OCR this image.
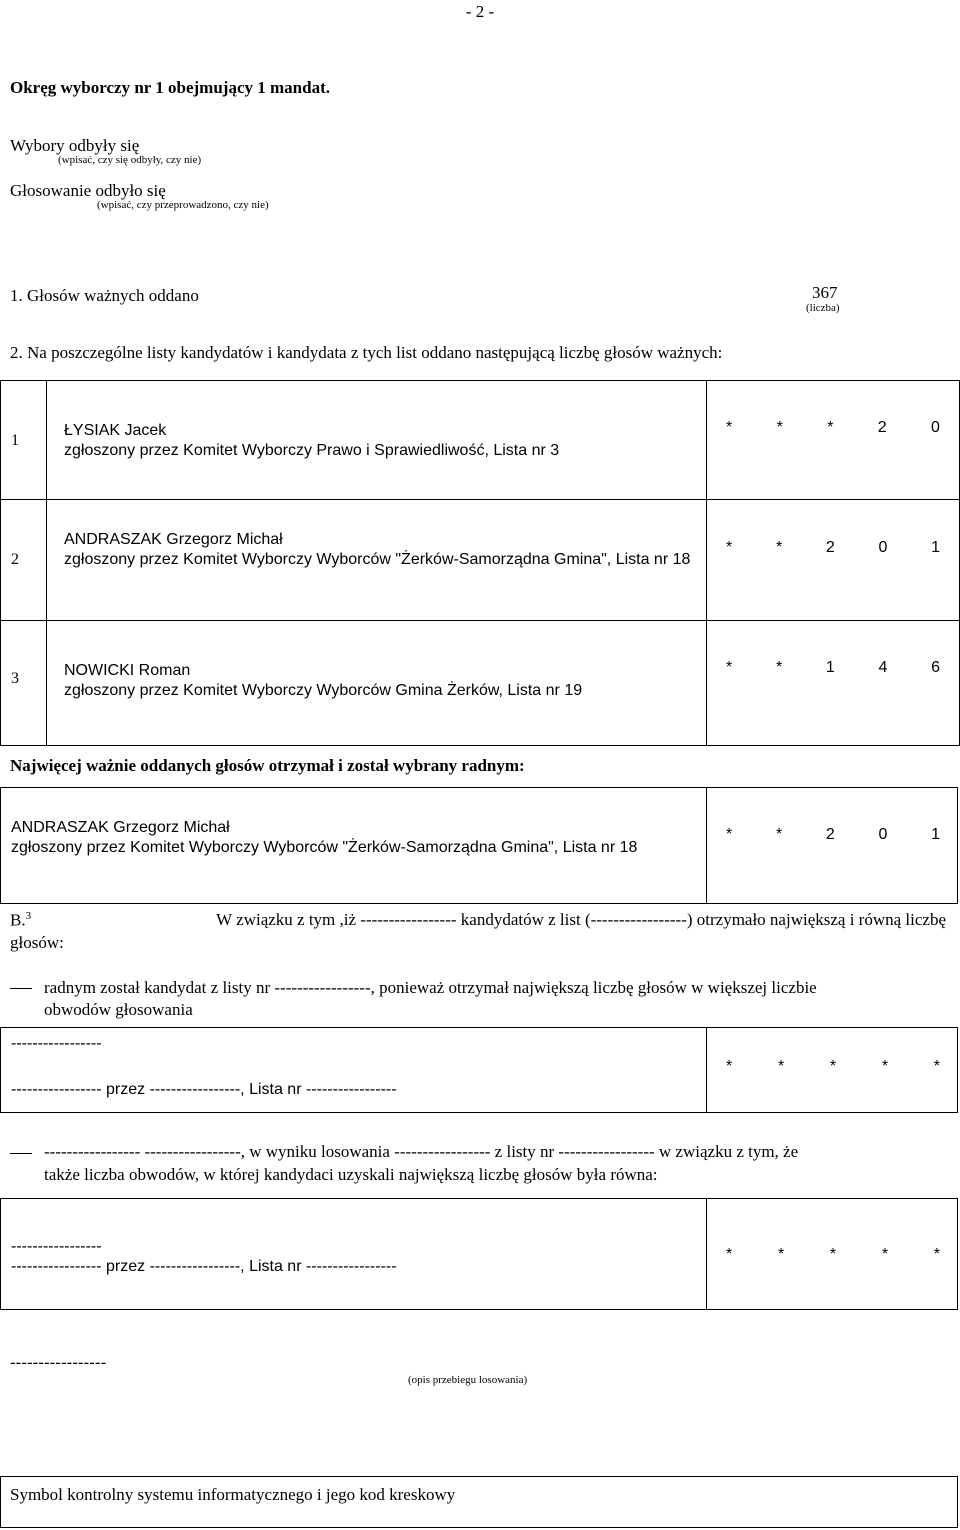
- 2 -
Okręg wyborczy nr 1 obejmujący 1 mandat.
Wybory odbyły się
(wpisać, czy się odbyły, czy nie)
Głosowanie odbyło się
(wpisać, czy przeprowadzono, czy nie)
1. Głosów ważnych oddano	367
(liczba)
2. Na poszczególne listy kandydatów i kandydata z tych list oddano następującą liczbę głosów ważnych:
1
ŁYSIAK Jacek
zgłoszony przez Komitet Wyborczy Prawo i Sprawiedliwość, Lista nr 3
*	*	*	2	0
2
ANDRASZAK Grzegorz Michał
zgłoszony przez Komitet Wyborczy Wyborców "Żerków-Samorządna Gmina", Lista nr 18
*	*	2	0	1
3	NOWICKI Roman
zgłoszony przez Komitet Wyborczy Wyborców Gmina Żerków, Lista nr 19
*	*	1	4	6
Najwięcej ważnie oddanych głosów otrzymał i został wybrany radnym:
ANDRASZAK Grzegorz Michał
zgłoszony przez Komitet Wyborczy Wyborców "Żerków-Samorządna Gmina", Lista nr 18
*	*	2	0	1
B.$^3$	W związku z tym ,iż ----------------- kandydatów z list (-----------------) otrzymało największą i równą liczbę
głosów:
radnym został kandydat z listy nr -----------------, ponieważ otrzymał największą liczbę głosów w większej liczbie
obwodów głosowania
-----------------
----------------- przez -----------------, Lista nr -----------------
*	*	*	*	*
----------------- -----------------, w wyniku losowania ----------------- z listy nr ----------------- w związku z tym, że
także liczba obwodów, w której kandydaci uzyskali największą liczbę głosów była równa:
-----------------
----------------- przez -----------------, Lista nr -----------------
*	*	*	*	*
-----------------
(opis przebiegu losowania)
Symbol kontrolny systemu informatycznego i jego kod kreskowy
